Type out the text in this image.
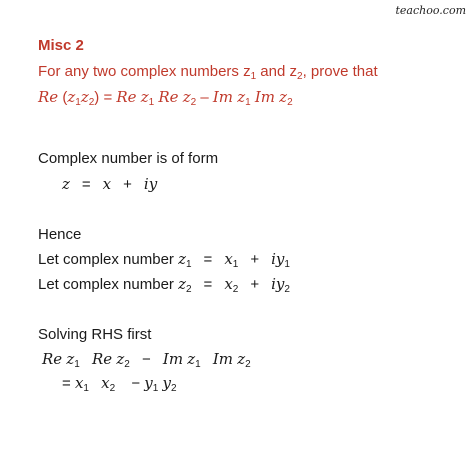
teachoo.com
Misc 2
For any two complex numbers $z_1$ and $z_2$, prove that
Re $(z_1z_2) = Re$ $z_1$ Re $z_2$ – Im $z_1$ Im $z_2$
Complex number is of form
z = x + iy
Hence
Let complex number $z_1 = x_1 + iy_1$
Let complex number $z_2 = x_2 + iy_2$
Solving RHS first
Re $z_1$ Re $z_2 - Im$ $z_1$ Im $z_2$
= $x_1$ $x_2 - y_1$ $y_2$
